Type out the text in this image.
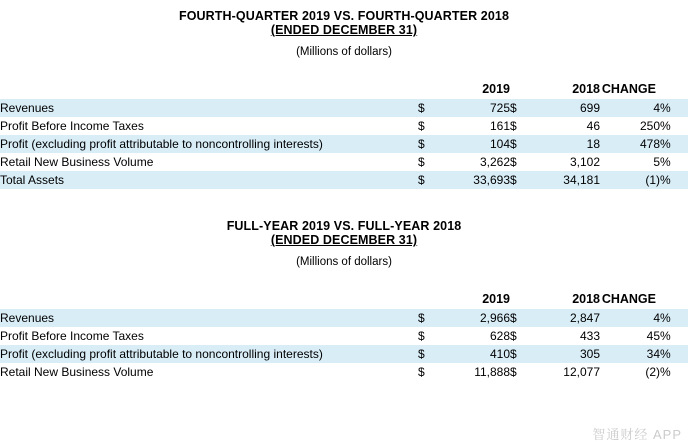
FOURTH-QUARTER 2019 VS. FOURTH-QUARTER 2018
(ENDED DECEMBER 31)
(Millions of dollars)
		2019		2018	CHANGE	
Revenues	$	725	$	699	4	%
Profit Before Income Taxes	$	161	$	46	250	%
Profit (excluding profit attributable to noncontrolling interests)	$	104	$	18	478	%
Retail New Business Volume	$	3,262	$	3,102	5	%
Total Assets	$	33,693	$	34,181	(1)	%
FULL-YEAR 2019 VS. FULL-YEAR 2018
(ENDED DECEMBER 31)
(Millions of dollars)
		2019		2018	CHANGE	
Revenues	$	2,966	$	2,847	4	%
Profit Before Income Taxes	$	628	$	433	45	%
Profit (excluding profit attributable to noncontrolling interests)	$	410	$	305	34	%
Retail New Business Volume	$	11,888	$	12,077	(2)	%
智通财经 APP
